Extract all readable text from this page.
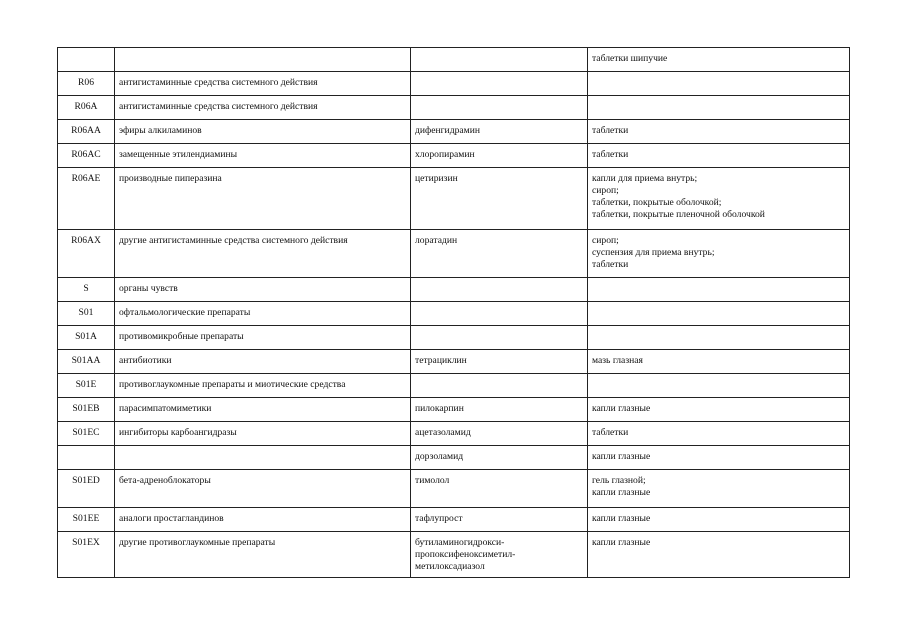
			таблетки шипучие

R06	антигистаминные средства системного действия		

R06A	антигистаминные средства системного действия		

R06AA	эфиры алкиламинов	дифенгидрамин	таблетки

R06AC	замещенные этилендиамины	хлоропирамин	таблетки

R06AE	производные пиперазина	цетиризин	капли для приема внутрь;
сироп;
таблетки, покрытые оболочкой;
таблетки, покрытые пленочной оболочкой

R06AX	другие антигистаминные средства системного действия	лоратадин	сироп;
суспензия для приема внутрь;
таблетки

S	органы чувств		

S01	офтальмологические препараты		

S01A	противомикробные препараты		

S01AA	антибиотики	тетрациклин	мазь глазная

S01E	противоглаукомные препараты и миотические средства		

S01EB	парасимпатомиметики	пилокарпин	капли глазные

S01EC	ингибиторы карбоангидразы	ацетазоламид	таблетки

		дорзоламид	капли глазные

S01ED	бета-адреноблокаторы	тимолол	гель глазной;
капли глазные

S01EE	аналоги простагландинов	тафлупрост	капли глазные

S01EX	другие противоглаукомные препараты	бутиламиногидрокси-
пропоксифеноксиметил-
метилоксадиазол	капли глазные
